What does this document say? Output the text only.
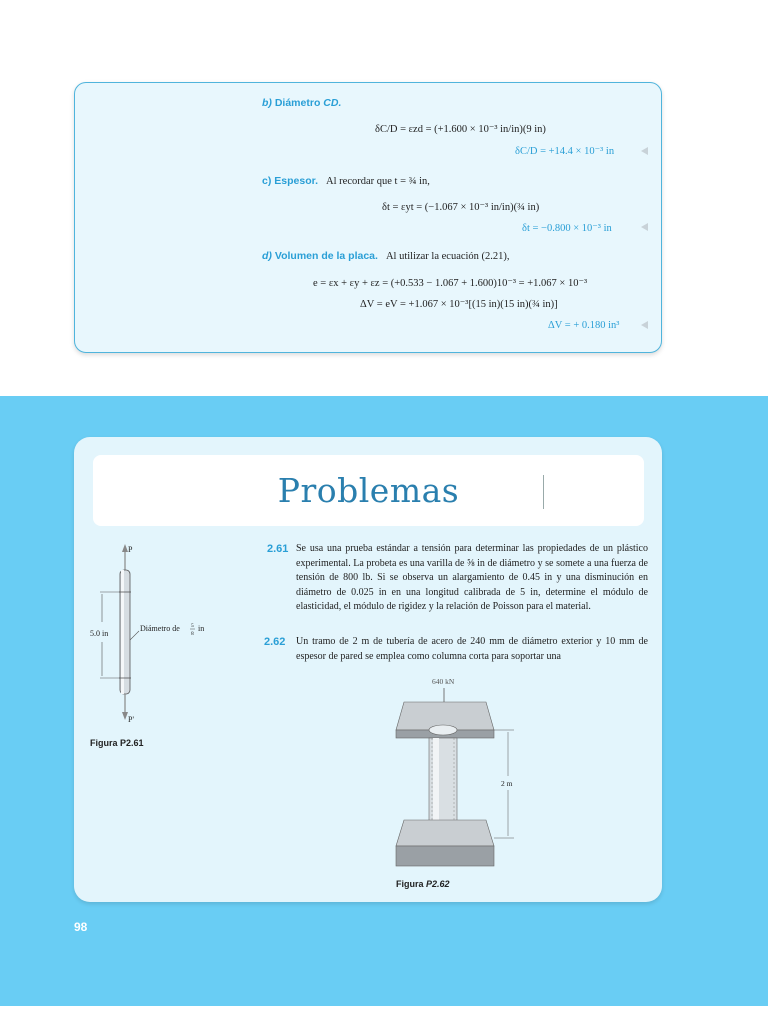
b) Diámetro CD.
δC/D = εzd = (+1.600 × 10⁻³ in/in)(9 in)
δC/D = +14.4 × 10⁻³ in
c) Espesor. Al recordar que t = ¾ in,
δt = εyt = (−1.067 × 10⁻³ in/in)(¾ in)
δt = −0.800 × 10⁻³ in
d) Volumen de la placa. Al utilizar la ecuación (2.21),
e = εx + εy + εz = (+0.533 − 1.067 + 1.600)10⁻³ = +1.067 × 10⁻³
ΔV = eV = +1.067 × 10⁻³[(15 in)(15 in)(¾ in)]
ΔV = + 0.180 in³
Problemas
5.0 in
Diámetro de 5
8
in
P
P'
Figura P2.61
2.61 Se usa una prueba estándar a tensión para determinar las propiedades de un plástico experimental. La probeta es una varilla de ⅝ in de diámetro y se somete a una fuerza de tensión de 800 lb. Si se observa un alargamiento de 0.45 in y una disminución en diámetro de 0.025 in en una longitud calibrada de 5 in, determine el módulo de elasticidad, el módulo de rigidez y la relación de Poisson para el material.
2.62 Un tramo de 2 m de tubería de acero de 240 mm de diámetro exterior y 10 mm de espesor de pared se emplea como columna corta para soportar una
640 kN
2 m
Figura P2.62
98
